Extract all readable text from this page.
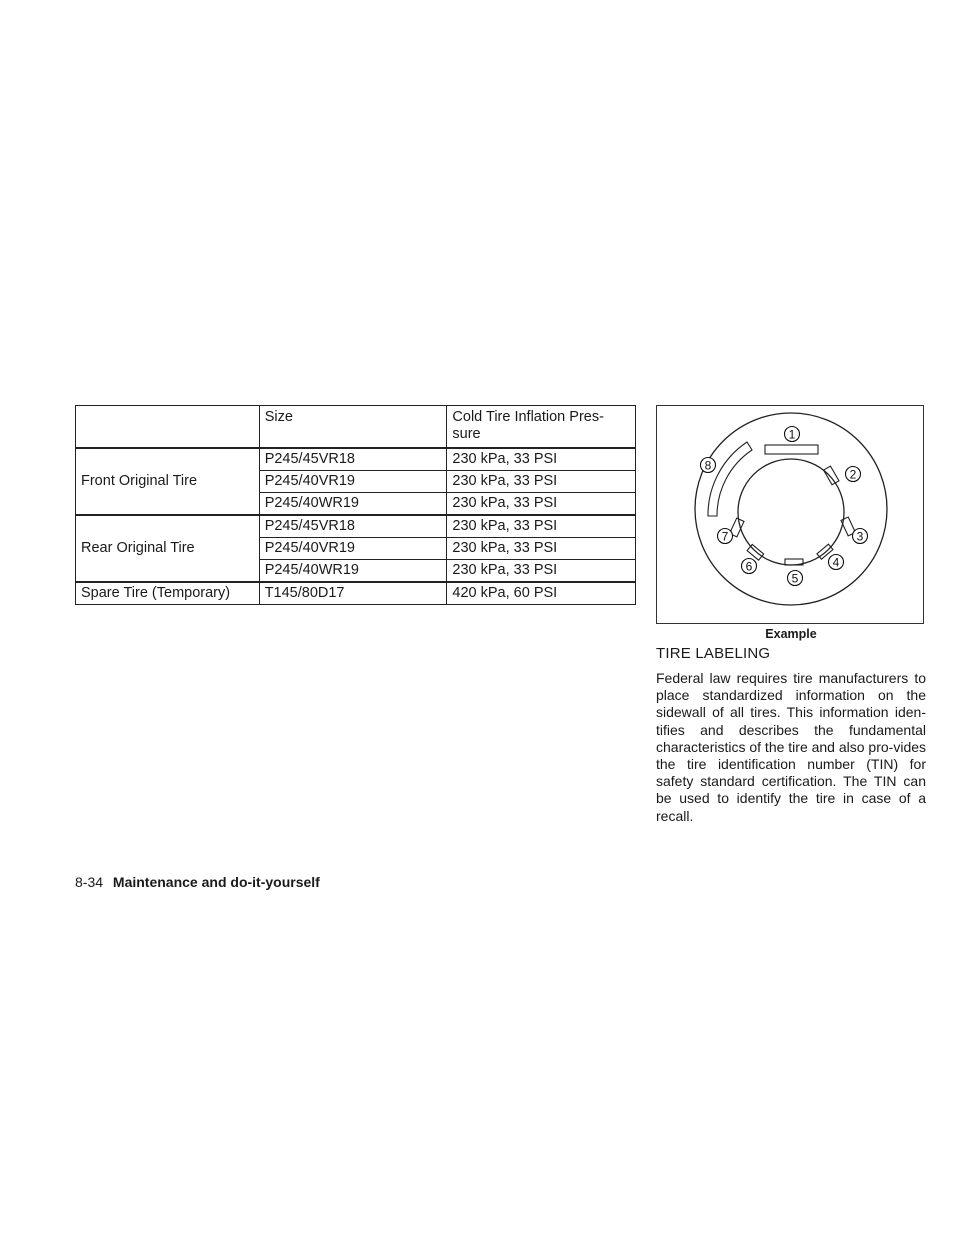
	Size	Cold Tire Inflation Pres-
sure
Front Original Tire	P245/45VR18	230 kPa, 33 PSI
	P245/40VR19	230 kPa, 33 PSI
	P245/40WR19	230 kPa, 33 PSI
Rear Original Tire	P245/45VR18	230 kPa, 33 PSI
	P245/40VR19	230 kPa, 33 PSI
	P245/40WR19	230 kPa, 33 PSI
Spare Tire (Temporary)	T145/80D17	420 kPa, 60 PSI
1
2
3
4
5
6
7
8
Example
TIRE LABELING

Federal law requires tire manufacturers to place standardized information on the sidewall of all tires. This information iden-tifies and describes the fundamental characteristics of the tire and also pro-vides the tire identification number (TIN) for safety standard certification. The TIN can be used to identify the tire in case of a recall.

8-34 Maintenance and do-it-yourself
